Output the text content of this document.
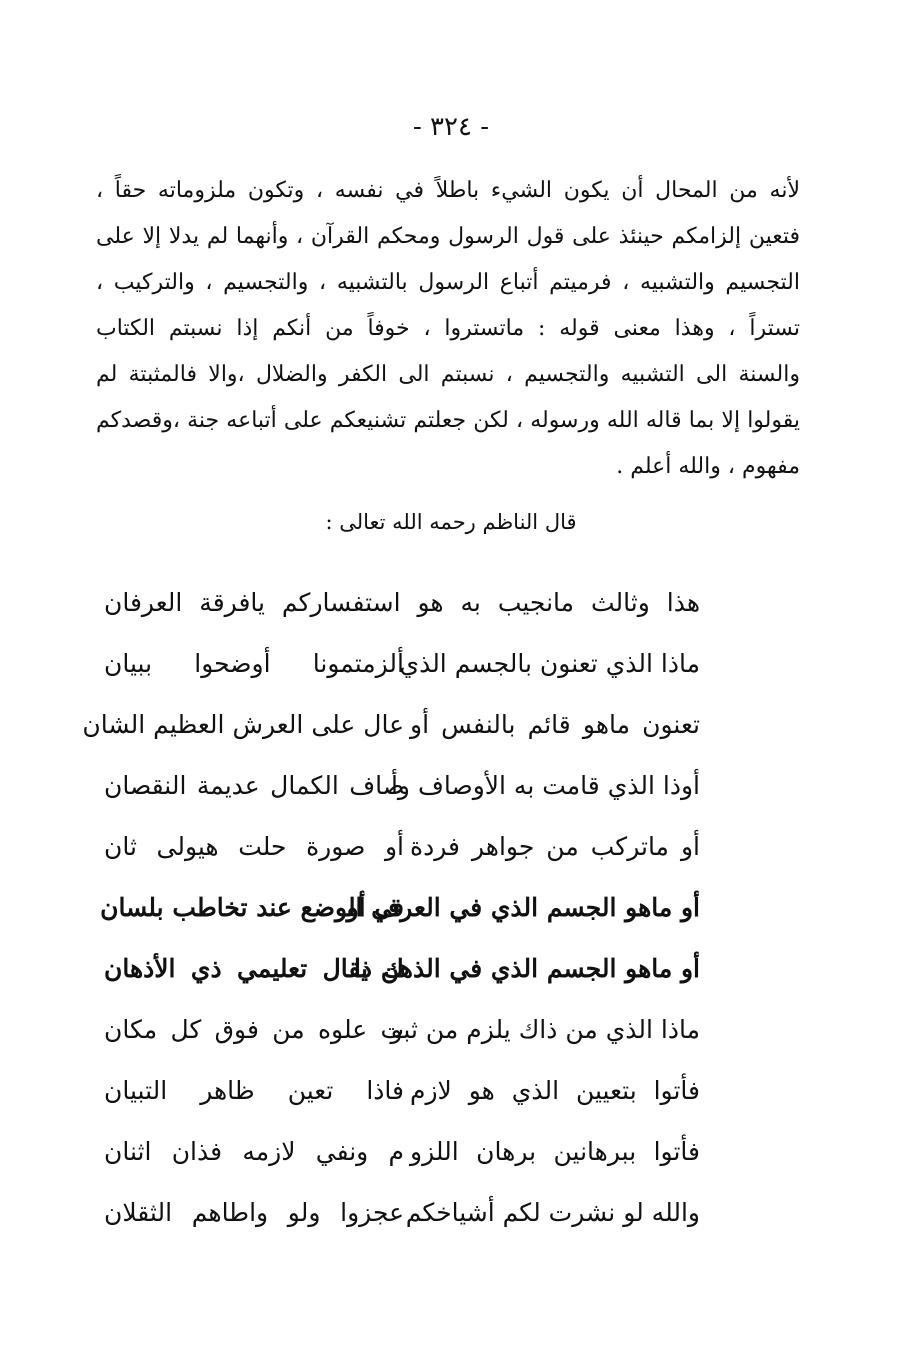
- ٣٢٤ -
لأنه من المحال أن يكون الشيء باطلاً في نفسه ، وتكون ملزوماته حقاً ،
فتعين إلزامكم حينئذ على قول الرسول ومحكم القرآن ، وأنهما لم يدلا إلا على
التجسيم والتشبيه ، فرميتم أتباع الرسول بالتشبيه ، والتجسيم ، والتركيب ،
تستراً ، وهذا معنى قوله : ماتستروا ، خوفاً من أنكم إذا نسبتم الكتاب
والسنة الى التشبيه والتجسيم ، نسبتم الى الكفر والضلال ،والا فالمثبتة لم
يقولوا إلا بما قاله الله ورسوله ، لكن جعلتم تشنيعكم على أتباعه جنة ،وقصدكم
مفهوم ، والله أعلم .
قال الناظم رحمه الله تعالى :
هذا وثالث مانجيب به هو استفساركم يافرقة العرفان
ماذا الذي تعنون بالجسم الذي
ألزمتمونا أوضحوا ببيان
تعنون ماهو قائم بالنفس أو
عال على العرش العظيم الشان
أوذا الذي قامت به الأوصاف وأ
صاف الكمال عديمة النقصان
أو ماتركب من جواهر فردة
أو صورة حلت هيولى ثان
أو ماهو الجسم الذي في العرف أو
في الوضع عند تخاطب بلسان
أو ماهو الجسم الذي في الذهن ذا
ك يقال تعليمي ذي الأذهان
ماذا الذي من ذاك يلزم من ثبو
ت علوه من فوق كل مكان
فأتوا بتعيين الذي هو لازم
فاذا تعين ظاهر التبيان
فأتوا ببرهانين برهان اللزو
م ونفي لازمه فذان اثنان
والله لو نشرت لكم أشياخكم
عجزوا ولو واطاهم الثقلان
